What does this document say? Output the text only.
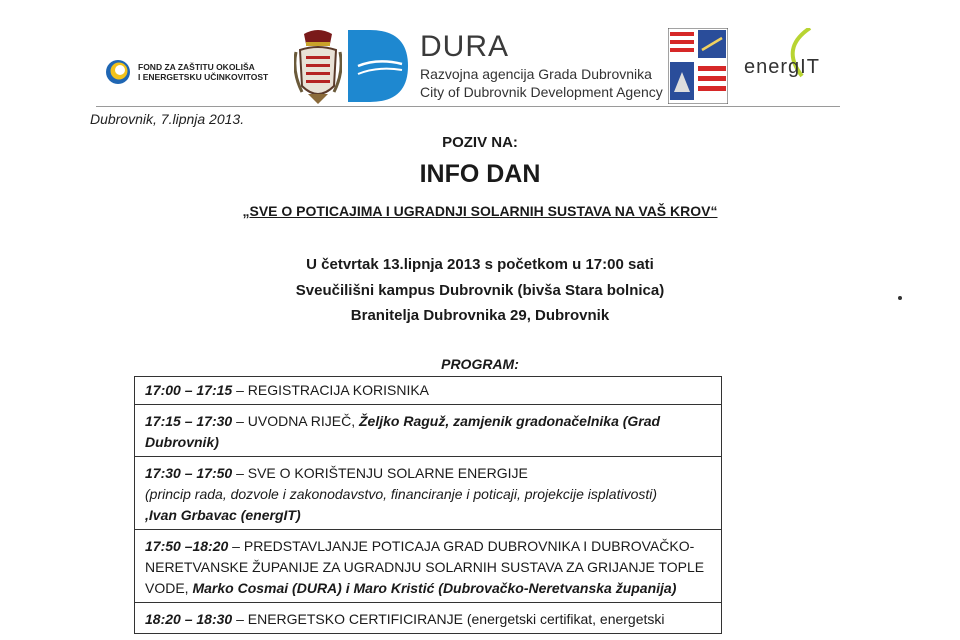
FOND ZA ZAŠTITU OKOLIŠA
I ENERGETSKU UČINKOVITOST
DURA
Razvojna agencija Grada Dubrovnika
City of Dubrovnik Development Agency
energIT
Dubrovnik, 7.lipnja 2013.
POZIV NA:
INFO DAN
„SVE O POTICAJIMA I UGRADNJI SOLARNIH SUSTAVA NA VAŠ KROV“
U četvrtak 13.lipnja 2013 s početkom u 17:00 sati
Sveučilišni kampus Dubrovnik (bivša Stara bolnica)
Branitelja Dubrovnika 29, Dubrovnik
PROGRAM:
17:00 – 17:15 – REGISTRACIJA KORISNIKA
17:15 – 17:30 – UVODNA RIJEČ, Željko Raguž, zamjenik gradonačelnika (Grad Dubrovnik)
17:30 – 17:50 – SVE O KORIŠTENJU SOLARNE ENERGIJE
(princip rada, dozvole i zakonodavstvo, financiranje i poticaji, projekcije isplativosti)
,Ivan Grbavac (energIT)
17:50 –18:20 – PREDSTAVLJANJE POTICAJA GRAD DUBROVNIKA I DUBROVAČKO-NERETVANSKE ŽUPANIJE ZA UGRADNJU SOLARNIH SUSTAVA ZA GRIJANJE TOPLE VODE, Marko Cosmai (DURA) i Maro Kristić (Dubrovačko-Neretvanska županija)
18:20 – 18:30 – ENERGETSKO CERTIFICIRANJE (energetski certifikat, energetski
